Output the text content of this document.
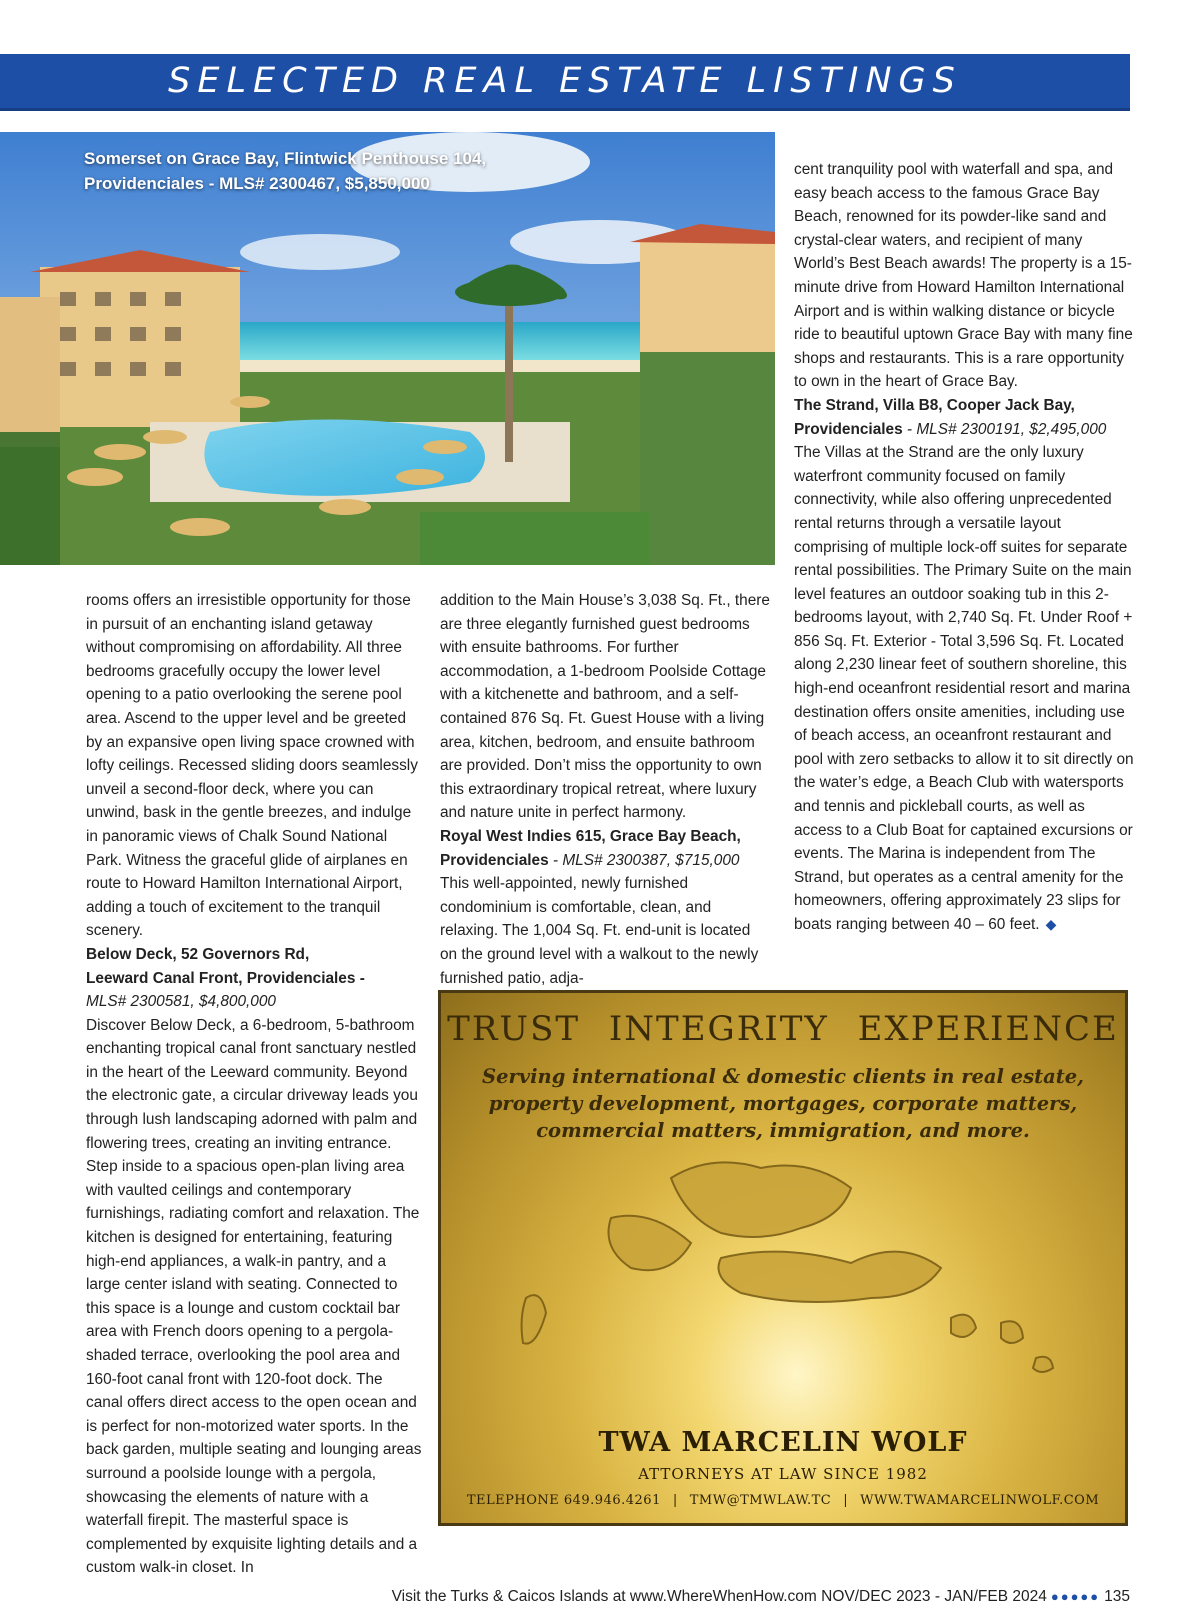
SELECTED REAL ESTATE LISTINGS
Somerset on Grace Bay, Flintwick Penthouse 104,
Providenciales - MLS# 2300467, $5,850,000

rooms offers an irresistible opportunity for those in pursuit of an enchanting island getaway without compromising on affordability. All three bedrooms gracefully occupy the lower level opening to a patio overlooking the serene pool area. Ascend to the upper level and be greeted by an expansive open living space crowned with lofty ceilings. Recessed sliding doors seamlessly unveil a second-floor deck, where you can unwind, bask in the gentle breezes, and indulge in panoramic views of Chalk Sound National Park. Witness the graceful glide of airplanes en route to Howard Hamilton International Airport, adding a touch of excitement to the tranquil scenery.

Below Deck, 52 Governors Rd,
Leeward Canal Front, Providenciales -

MLS# 2300581, $4,800,000

Discover Below Deck, a 6-bedroom, 5-bathroom enchanting tropical canal front sanctuary nestled in the heart of the Leeward community. Beyond the electronic gate, a circular driveway leads you through lush landscaping adorned with palm and flowering trees, creating an inviting entrance. Step inside to a spacious open-plan living area with vaulted ceilings and contemporary furnishings, radiating comfort and relaxation. The kitchen is designed for entertaining, featuring high-end appliances, a walk-in pantry, and a large center island with seating. Connected to this space is a lounge and custom cocktail bar area with French doors opening to a pergola-shaded terrace, overlooking the pool area and 160-foot canal front with 120-foot dock. The canal offers direct access to the open ocean and is perfect for non-motorized water sports. In the back garden, multiple seating and lounging areas surround a poolside lounge with a pergola, showcasing the elements of nature with a waterfall firepit. The masterful space is complemented by exquisite lighting details and a custom walk-in closet. In

addition to the Main House’s 3,038 Sq. Ft., there are three elegantly furnished guest bedrooms with ensuite bathrooms. For further accommodation, a 1-bedroom Poolside Cottage with a kitchenette and bathroom, and a self-contained 876 Sq. Ft. Guest House with a living area, kitchen, bedroom, and ensuite bathroom are provided. Don’t miss the opportunity to own this extraordinary tropical retreat, where luxury and nature unite in perfect harmony.

Royal West Indies 615, Grace Bay Beach,
Providenciales - MLS# 2300387, $715,000

This well-appointed, newly furnished condominium is comfortable, clean, and relaxing. The 1,004 Sq. Ft. end-unit is located on the ground level with a walkout to the newly furnished patio, adja-

cent tranquility pool with waterfall and spa, and easy beach access to the famous Grace Bay Beach, renowned for its powder-like sand and crystal-clear waters, and recipient of many World’s Best Beach awards! The property is a 15-minute drive from Howard Hamilton International Airport and is within walking distance or bicycle ride to beautiful uptown Grace Bay with many fine shops and restaurants. This is a rare opportunity to own in the heart of Grace Bay.

The Strand, Villa B8, Cooper Jack Bay,
Providenciales - MLS# 2300191, $2,495,000

The Villas at the Strand are the only luxury waterfront community focused on family connectivity, while also offering unprecedented rental returns through a versatile layout comprising of multiple lock-off suites for separate rental possibilities. The Primary Suite on the main level features an outdoor soaking tub in this 2-bedrooms layout, with 2,740 Sq. Ft. Under Roof + 856 Sq. Ft. Exterior - Total 3,596 Sq. Ft. Located along 2,230 linear feet of southern shoreline, this high-end oceanfront residential resort and marina destination offers onsite amenities, including use of beach access, an oceanfront restaurant and pool with zero setbacks to allow it to sit directly on the water’s edge, a Beach Club with watersports and tennis and pickleball courts, as well as access to a Club Boat for captained excursions or events. The Marina is independent from The Strand, but operates as a central amenity for the homeowners, offering approximately 23 slips for boats ranging between 40 – 60 feet. ◆

TRUST INTEGRITY EXPERIENCE
Serving international & domestic clients in real estate,
property development, mortgages, corporate matters,
commercial matters, immigration, and more.
TWA MARCELIN WOLF
ATTORNEYS AT LAW SINCE 1982
TELEPHONE 649.946.4261 | TMW@TMWLAW.TC | WWW.TWAMARCELINWOLF.COM
Visit the Turks & Caicos Islands at www.WhereWhenHow.com NOV/DEC 2023 - JAN/FEB 2024 ●●●●● 135
